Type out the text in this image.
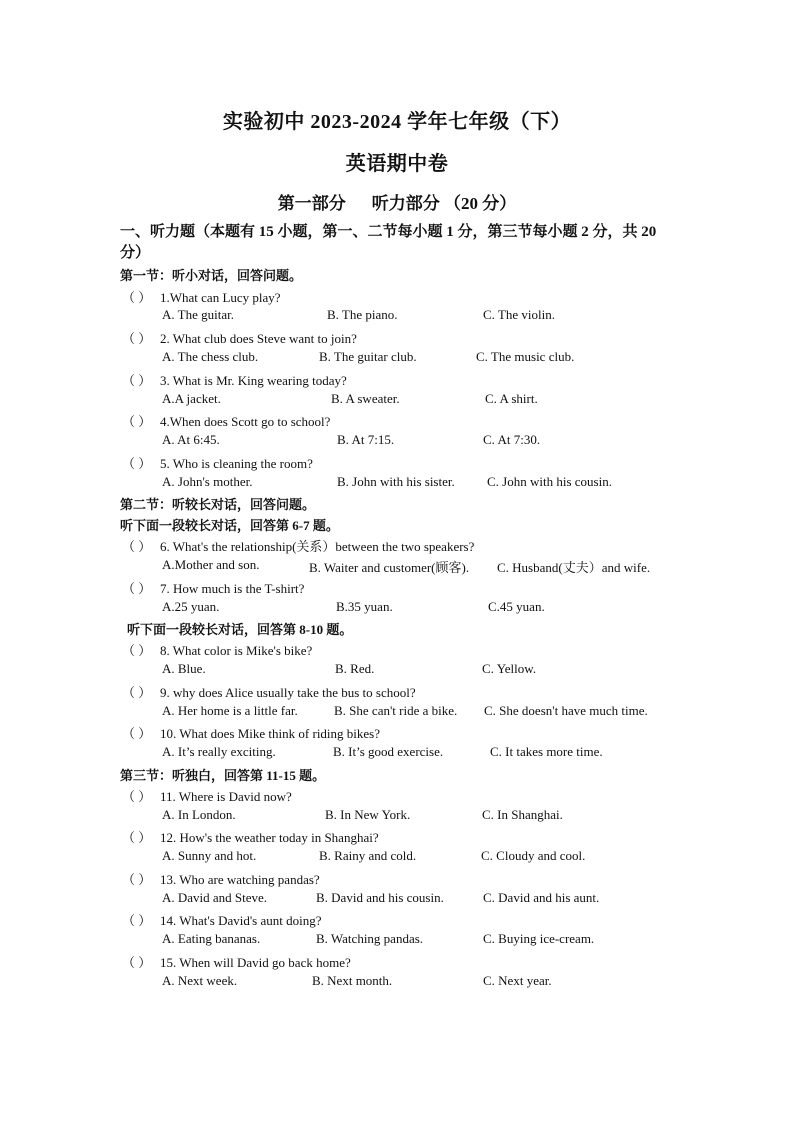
实验初中 2023-2024 学年七年级（下）
英语期中卷
第一部分 听力部分 （20 分）
一、听力题（本题有 15 小题，第一、二节每小题 1 分，第三节每小题 2 分，共 20 分）
第一节：听小对话，回答问题。
（ ） 1.What can Lucy play?
A. The guitar.	B. The piano.	C. The violin.
（ ） 2. What club does Steve want to join?
A. The chess club.	B. The guitar club.	C. The music club.
（ ） 3. What is Mr. King wearing today?
A.A jacket.	B. A sweater.	C. A shirt.
（ ） 4.When does Scott go to school?
A. At 6:45.	B. At 7:15.	C. At 7:30.
（ ） 5. Who is cleaning the room?
A. John's mother.	B. John with his sister. C. John with his cousin.
第二节：听较长对话，回答问题。
听下面一段较长对话，回答第 6-7 题。
（ ） 6. What's the relationship(关系）between the two speakers?
A.Mother and son.	B. Waiter and customer(顾客). C. Husband(丈夫）and wife.
（ ） 7. How much is the T-shirt?
A.25 yuan.	B.35 yuan.	C.45 yuan.
听下面一段较长对话，回答第 8-10 题。
（ ） 8. What color is Mike's bike?
A. Blue.	B. Red.	C. Yellow.
（ ） 9. why does Alice usually take the bus to school?
A. Her home is a little far.	B. She can't ride a bike. C. She doesn't have much time.
（ ） 10. What does Mike think of riding bikes?
A. It’s really exciting.	B. It’s good exercise.	C. It takes more time.
第三节：听独白，回答第 11-15 题。
（ ） 11. Where is David now?
A. In London.	B. In New York.	C. In Shanghai.
（ ） 12. How's the weather today in Shanghai?
A. Sunny and hot.	B. Rainy and cold.	C. Cloudy and cool.
（ ） 13. Who are watching pandas?
A. David and Steve.	B. David and his cousin.	C. David and his aunt.
（ ） 14. What's David's aunt doing?
A. Eating bananas.	B. Watching pandas.	C. Buying ice-cream.
（ ） 15. When will David go back home?
A. Next week.	B. Next month.	C. Next year.
